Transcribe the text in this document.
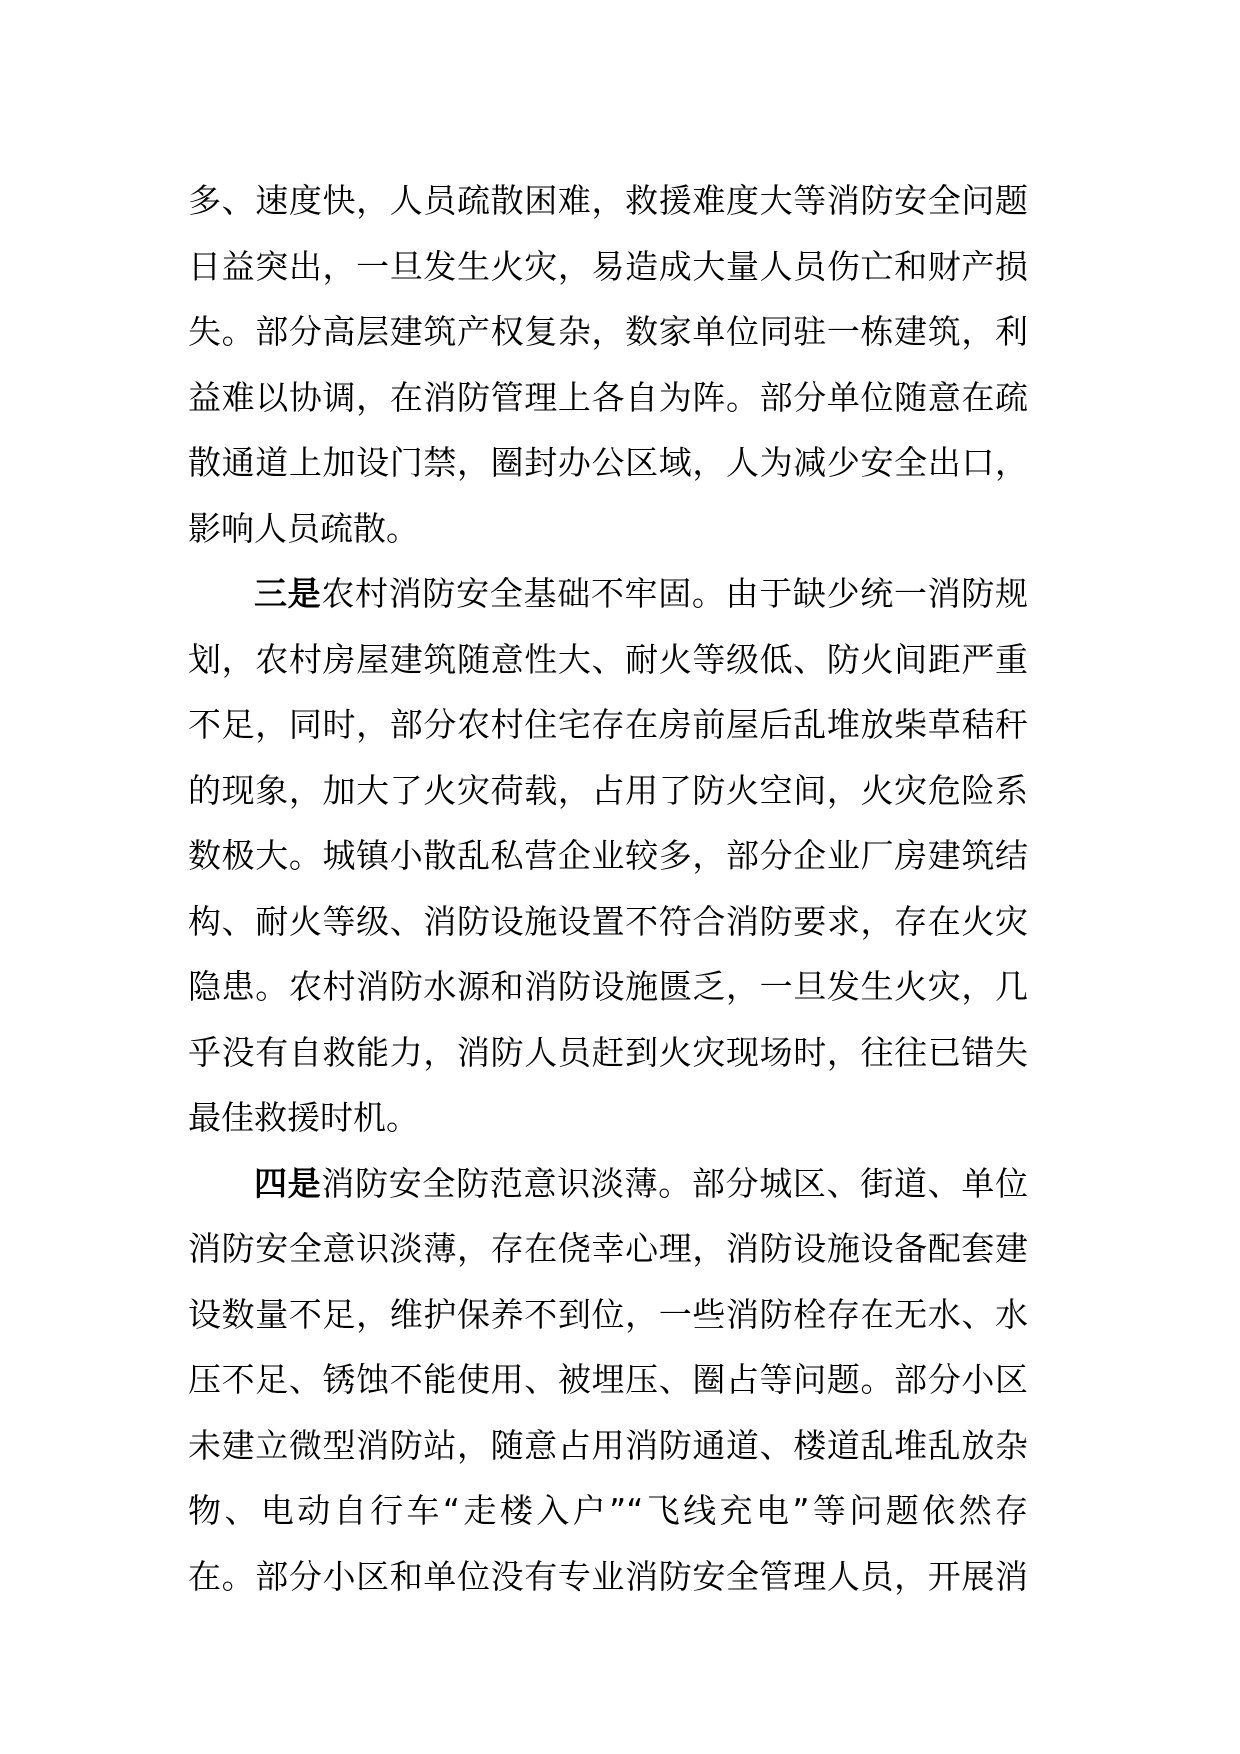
多、速度快，人员疏散困难，救援难度大等消防安全问题
日益突出，一旦发生火灾，易造成大量人员伤亡和财产损
失。部分高层建筑产权复杂，数家单位同驻一栋建筑，利
益难以协调，在消防管理上各自为阵。部分单位随意在疏
散通道上加设门禁，圈封办公区域，人为减少安全出口，
影响人员疏散。
三是农村消防安全基础不牢固。由于缺少统一消防规
划，农村房屋建筑随意性大、耐火等级低、防火间距严重
不足，同时，部分农村住宅存在房前屋后乱堆放柴草秸秆
的现象，加大了火灾荷载，占用了防火空间，火灾危险系
数极大。城镇小散乱私营企业较多，部分企业厂房建筑结
构、耐火等级、消防设施设置不符合消防要求，存在火灾
隐患。农村消防水源和消防设施匮乏，一旦发生火灾，几
乎没有自救能力，消防人员赶到火灾现场时，往往已错失
最佳救援时机。
四是消防安全防范意识淡薄。部分城区、街道、单位
消防安全意识淡薄，存在侥幸心理，消防设施设备配套建
设数量不足，维护保养不到位，一些消防栓存在无水、水
压不足、锈蚀不能使用、被埋压、圈占等问题。部分小区
未建立微型消防站，随意占用消防通道、楼道乱堆乱放杂
物、电动自行车“走楼入户”“飞线充电”等问题依然存
在。部分小区和单位没有专业消防安全管理人员，开展消
